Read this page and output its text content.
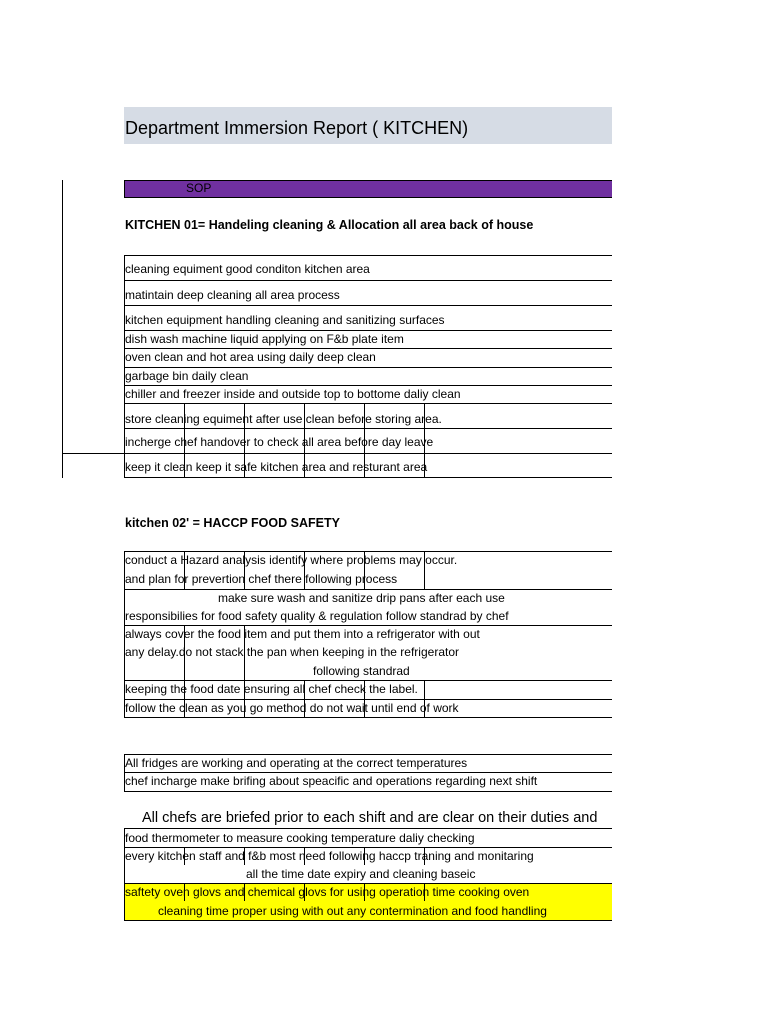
Department Immersion Report ( KITCHEN)
SOP
KITCHEN 01= Handeling cleaning & Allocation all area back of house
cleaning equiment good conditon kitchen area
matintain deep cleaning all area process
kitchen equipment handling cleaning and sanitizing surfaces
dish wash machine liquid applying on F&b plate item
oven clean and hot area using daily deep clean
garbage bin daily clean
chiller and freezer inside and outside top to bottome daliy clean
store cleaning equiment after use clean before storing area.
incherge chef handover to check all area before day leave
keep it clean keep it safe kitchen area and resturant area
kitchen 02' = HACCP FOOD SAFETY
conduct a Hazard analysis identify where problems may occur.
and plan for prevertion chef there following process
make sure wash and sanitize drip pans after each use
responsibilies for food safety quality & regulation follow standrad by chef
always cover the food item and put them into a refrigerator with out
any delay.do not stack the pan when keeping in the refrigerator
following standrad
keeping the food date ensuring all chef check the label.
follow the clean as you go method do not wait until end of work
All fridges are working and operating at the correct temperatures
chef incharge make brifing about speacific and operations regarding next shift
All chefs are briefed prior to each shift and are clear on their duties and
food thermometer to measure cooking temperature daliy checking
every kitchen staff and f&b most need following haccp traning and monitaring
all the time date expiry and cleaning baseic
saftety oven glovs and chemical glovs for using operation time cooking oven
cleaning time proper using with out any contermination and food handling
